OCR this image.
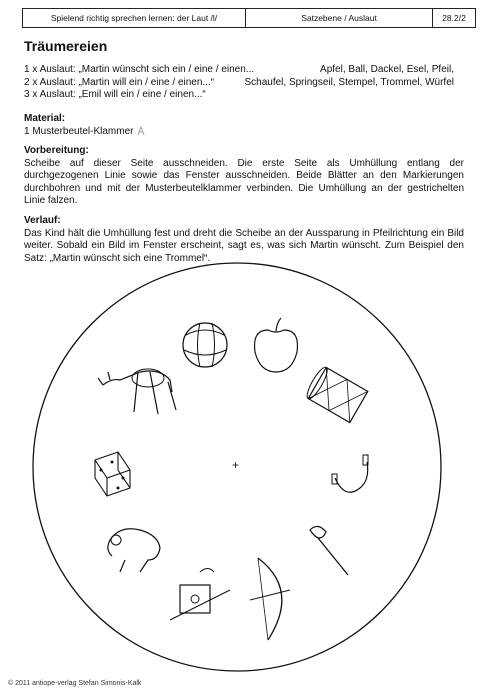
Spielend richtig sprechen lernen: der Laut /l/	Satzebene / Auslaut	28.2/2
Träumereien
1 x Auslaut: „Martin wünscht sich ein / eine / einen...	Apfel, Ball, Dackel, Esel, Pfeil,
2 x Auslaut: „Martin will ein / eine / einen...“	Schaufel, Springseil, Stempel, Trommel, Würfel
3 x Auslaut: „Emil will ein / eine / einen...“
Material:
1 Musterbeutel-Klammer
Vorbereitung:
Scheibe auf dieser Seite ausschneiden. Die erste Seite als Umhüllung entlang der durchgezogenen Linie sowie das Fenster ausschneiden. Beide Blätter an den Markierungen durchbohren und mit der Musterbeutelklammer verbinden. Die Umhüllung an der gestrichelten Linie falzen.
Verlauf:
Das Kind hält die Umhüllung fest und dreht die Scheibe an der Aussparung in Pfeilrichtung ein Bild weiter. Sobald ein Bild im Fenster erscheint, sagt es, was sich Martin wünscht. Zum Beispiel den Satz: „Martin wünscht sich eine Trommel“.
+
© 2011 antiope-verlag Stefan Simonis-Kalk
